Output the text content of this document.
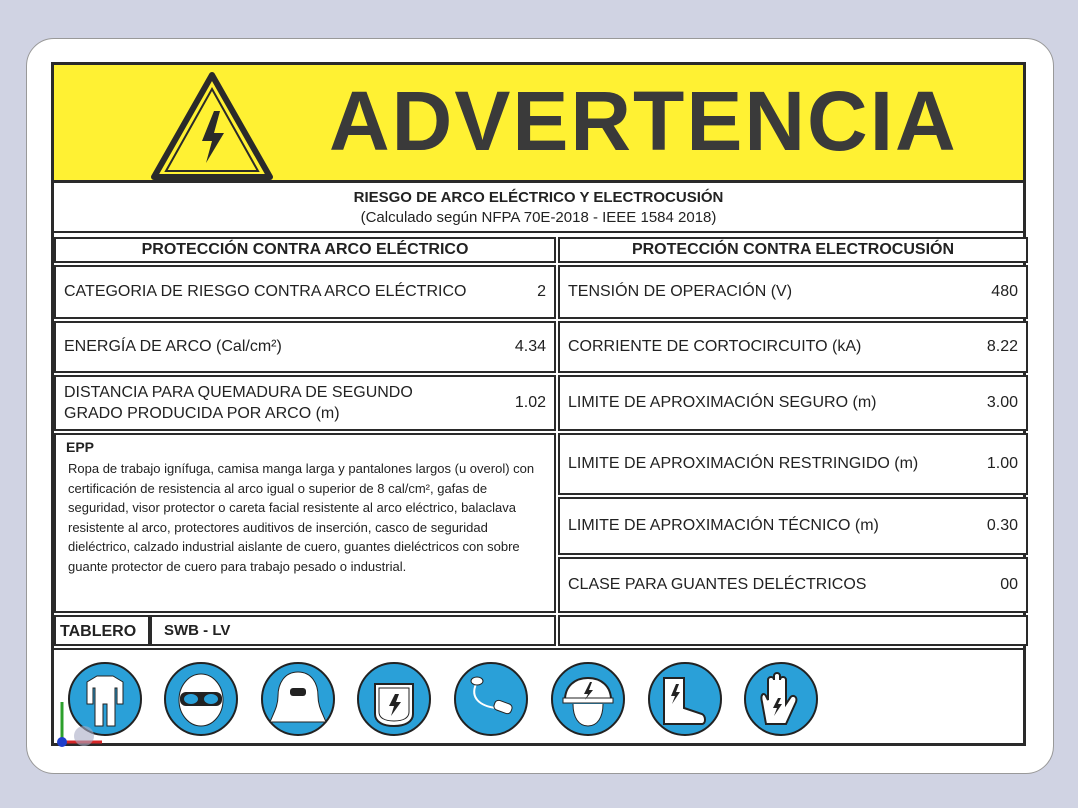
ADVERTENCIA
RIESGO DE ARCO ELÉCTRICO Y ELECTROCUSIÓN
(Calculado según NFPA 70E-2018 - IEEE 1584 2018)
PROTECCIÓN CONTRA ARCO ELÉCTRICO	PROTECCIÓN CONTRA ELECTROCUSIÓN
CATEGORIA DE RIESGO CONTRA ARCO ELÉCTRICO	2
ENERGÍA DE ARCO (Cal/cm²)	4.34
DISTANCIA PARA QUEMADURA DE SEGUNDO
GRADO PRODUCIDA POR ARCO (m)
1.02
EPP
Ropa de trabajo ignífuga, camisa manga larga y pantalones largos (u overol) con certificación de resistencia al arco igual o superior de 8 cal/cm², gafas de seguridad, visor protector o careta facial resistente al arco eléctrico, balaclava resistente al arco, protectores auditivos de inserción, casco de seguridad dieléctrico, calzado industrial aislante de cuero, guantes dieléctricos con sobre guante protector de cuero para trabajo pesado o industrial.
TENSIÓN DE OPERACIÓN (V)	480
CORRIENTE DE CORTOCIRCUITO (kA)	8.22
LIMITE DE APROXIMACIÓN SEGURO (m)	3.00
LIMITE DE APROXIMACIÓN RESTRINGIDO (m)	1.00
LIMITE DE APROXIMACIÓN TÉCNICO (m)	0.30
CLASE PARA GUANTES DELÉCTRICOS	00
TABLERO	SWB - LV
